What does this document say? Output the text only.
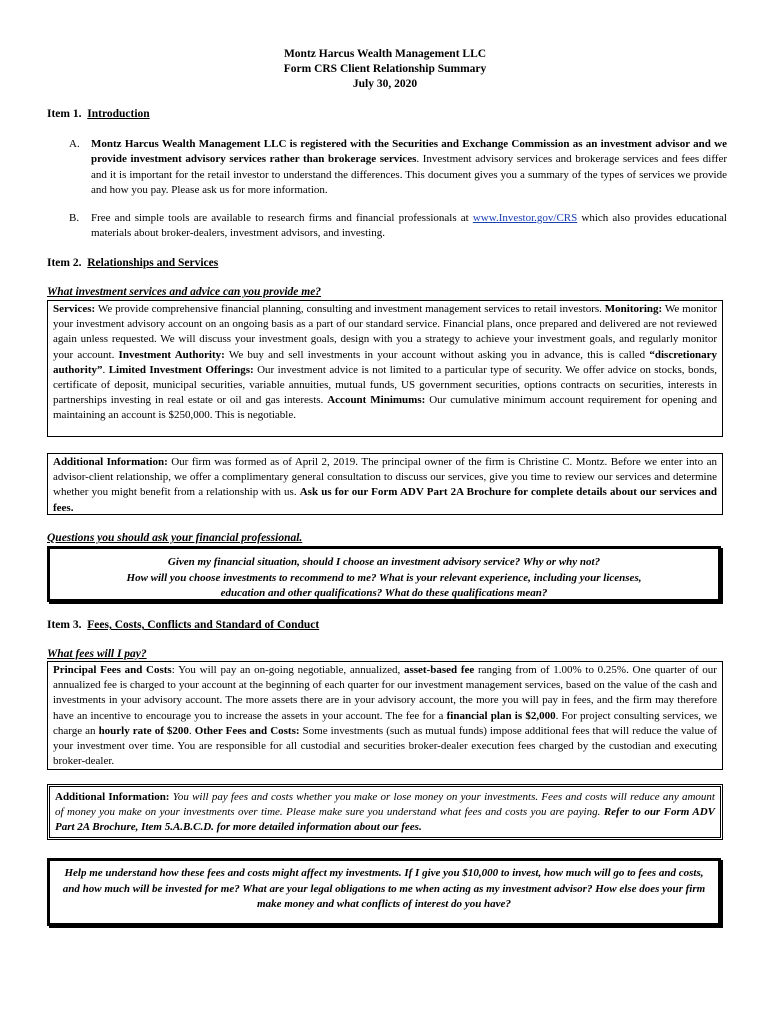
Montz Harcus Wealth Management LLC
Form CRS Client Relationship Summary
July 30, 2020
Item 1. Introduction
A. Montz Harcus Wealth Management LLC is registered with the Securities and Exchange Commission as an investment advisor and we provide investment advisory services rather than brokerage services. Investment advisory services and brokerage services and fees differ and it is important for the retail investor to understand the differences. This document gives you a summary of the types of services we provide and how you pay. Please ask us for more information.
B. Free and simple tools are available to research firms and financial professionals at www.Investor.gov/CRS which also provides educational materials about broker-dealers, investment advisors, and investing.
Item 2. Relationships and Services
What investment services and advice can you provide me?
Services: We provide comprehensive financial planning, consulting and investment management services to retail investors. Monitoring: We monitor your investment advisory account on an ongoing basis as a part of our standard service. Financial plans, once prepared and delivered are not reviewed again unless requested. We will discuss your investment goals, design with you a strategy to achieve your investment goals, and regularly monitor your account. Investment Authority: We buy and sell investments in your account without asking you in advance, this is called “discretionary authority”. Limited Investment Offerings: Our investment advice is not limited to a particular type of security. We offer advice on stocks, bonds, certificate of deposit, municipal securities, variable annuities, mutual funds, US government securities, options contracts on securities, interests in partnerships investing in real estate or oil and gas interests. Account Minimums: Our cumulative minimum account requirement for opening and maintaining an account is $250,000. This is negotiable.
Additional Information: Our firm was formed as of April 2, 2019. The principal owner of the firm is Christine C. Montz. Before we enter into an advisor-client relationship, we offer a complimentary general consultation to discuss our services, give you time to review our services and determine whether you might benefit from a relationship with us. Ask us for our Form ADV Part 2A Brochure for complete details about our services and fees.
Questions you should ask your financial professional.
Given my financial situation, should I choose an investment advisory service? Why or why not?
How will you choose investments to recommend to me? What is your relevant experience, including your licenses,
education and other qualifications? What do these qualifications mean?
Item 3. Fees, Costs, Conflicts and Standard of Conduct
What fees will I pay?
Principal Fees and Costs: You will pay an on-going negotiable, annualized, asset-based fee ranging from of 1.00% to 0.25%. One quarter of our annualized fee is charged to your account at the beginning of each quarter for our investment management services, based on the value of the cash and investments in your advisory account. The more assets there are in your advisory account, the more you will pay in fees, and the firm may therefore have an incentive to encourage you to increase the assets in your account. The fee for a financial plan is $2,000. For project consulting services, we charge an hourly rate of $200. Other Fees and Costs: Some investments (such as mutual funds) impose additional fees that will reduce the value of your investment over time. You are responsible for all custodial and securities broker-dealer execution fees charged by the custodian and executing broker-dealer.
Additional Information: You will pay fees and costs whether you make or lose money on your investments. Fees and costs will reduce any amount of money you make on your investments over time. Please make sure you understand what fees and costs you are paying. Refer to our Form ADV Part 2A Brochure, Item 5.A.B.C.D. for more detailed information about our fees.
Help me understand how these fees and costs might affect my investments. If I give you $10,000 to invest, how much will go to fees and costs, and how much will be invested for me? What are your legal obligations to me when acting as my investment advisor? How else does your firm make money and what conflicts of interest do you have?
